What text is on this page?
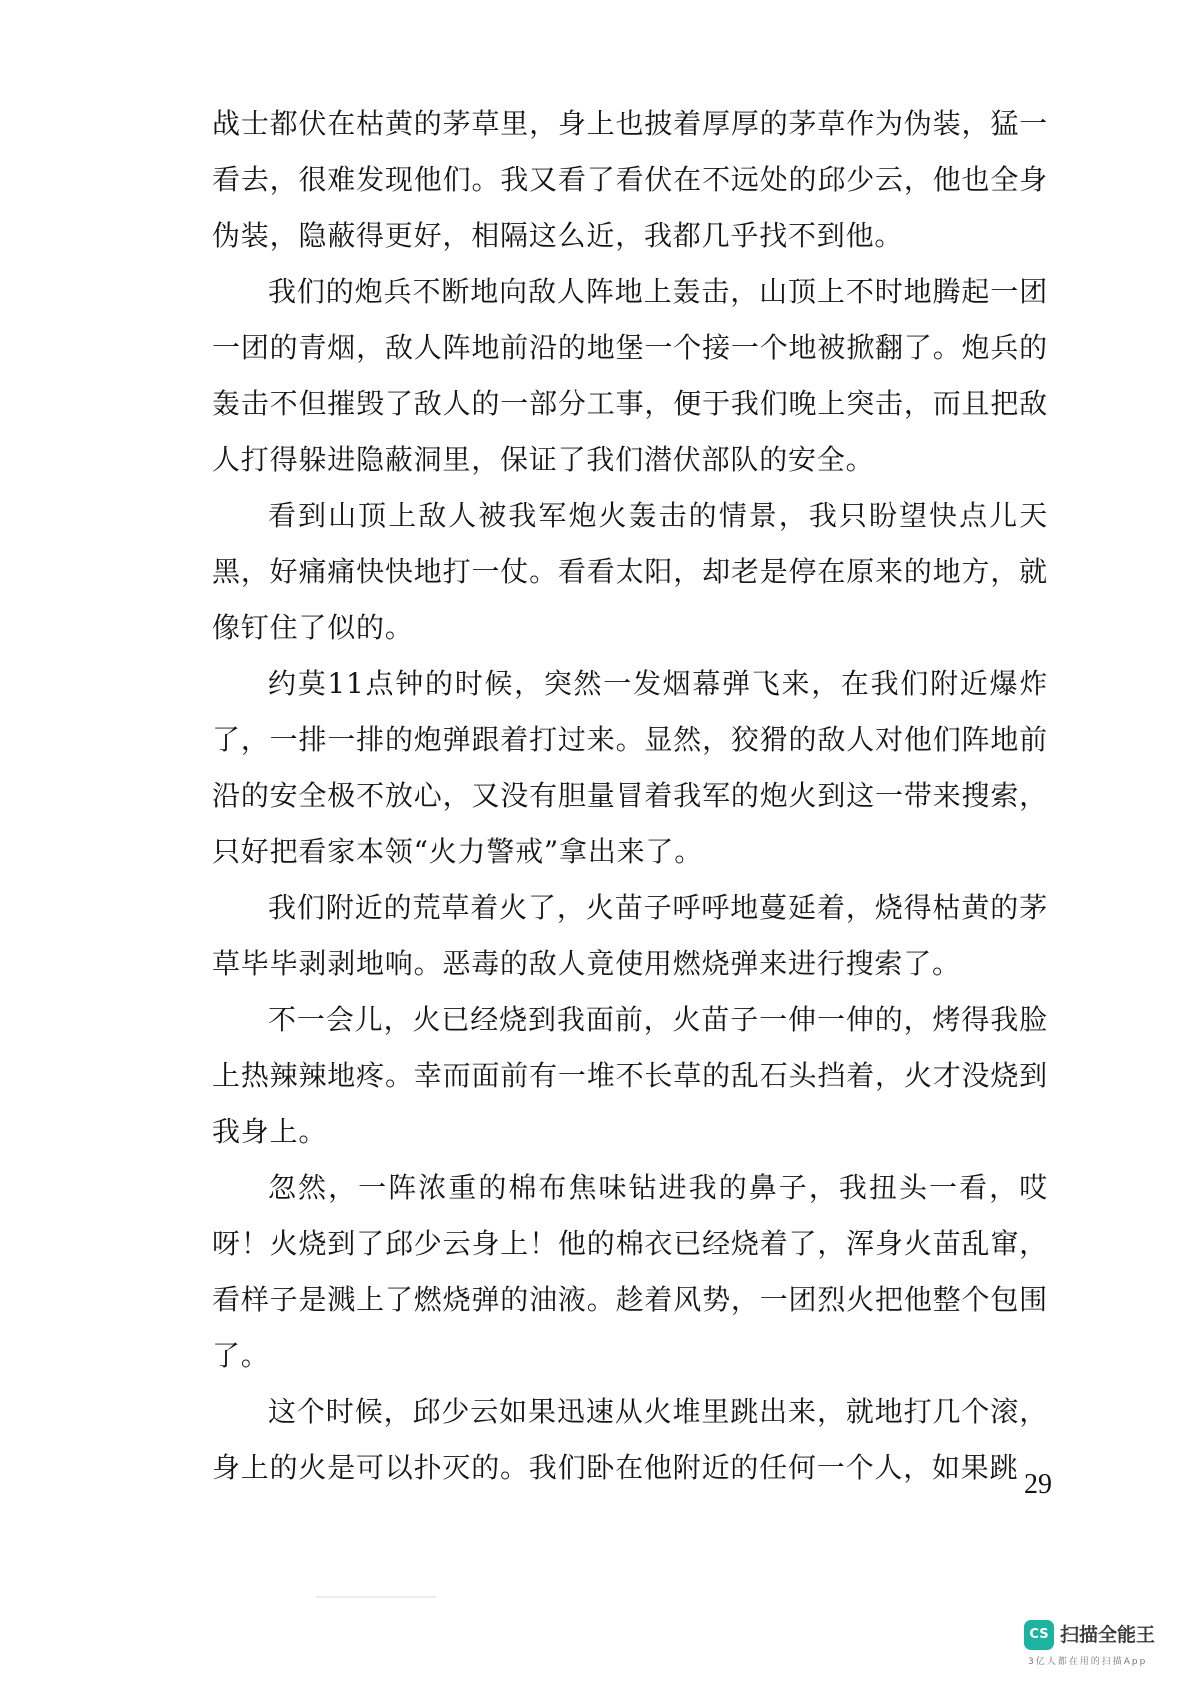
战士都伏在枯黄的茅草里，身上也披着厚厚的茅草作为伪装，猛一看去，很难发现他们。我又看了看伏在不远处的邱少云，他也全身伪装，隐蔽得更好，相隔这么近，我都几乎找不到他。

我们的炮兵不断地向敌人阵地上轰击，山顶上不时地腾起一团一团的青烟，敌人阵地前沿的地堡一个接一个地被掀翻了。炮兵的轰击不但摧毁了敌人的一部分工事，便于我们晚上突击，而且把敌人打得躲进隐蔽洞里，保证了我们潜伏部队的安全。

看到山顶上敌人被我军炮火轰击的情景，我只盼望快点儿天黑，好痛痛快快地打一仗。看看太阳，却老是停在原来的地方，就像钉住了似的。

约莫11点钟的时候，突然一发烟幕弹飞来，在我们附近爆炸了，一排一排的炮弹跟着打过来。显然，狡猾的敌人对他们阵地前沿的安全极不放心，又没有胆量冒着我军的炮火到这一带来搜索，只好把看家本领“火力警戒”拿出来了。

我们附近的荒草着火了，火苗子呼呼地蔓延着，烧得枯黄的茅草毕毕剥剥地响。恶毒的敌人竟使用燃烧弹来进行搜索了。

不一会儿，火已经烧到我面前，火苗子一伸一伸的，烤得我脸上热辣辣地疼。幸而面前有一堆不长草的乱石头挡着，火才没烧到我身上。

忽然，一阵浓重的棉布焦味钻进我的鼻子，我扭头一看，哎呀！火烧到了邱少云身上！他的棉衣已经烧着了，浑身火苗乱窜，看样子是溅上了燃烧弹的油液。趁着风势，一团烈火把他整个包围了。

这个时候，邱少云如果迅速从火堆里跳出来，就地打几个滚，身上的火是可以扑灭的。我们卧在他附近的任何一个人，如果跳

29
CS 扫描全能王
3亿人都在用的扫描App
